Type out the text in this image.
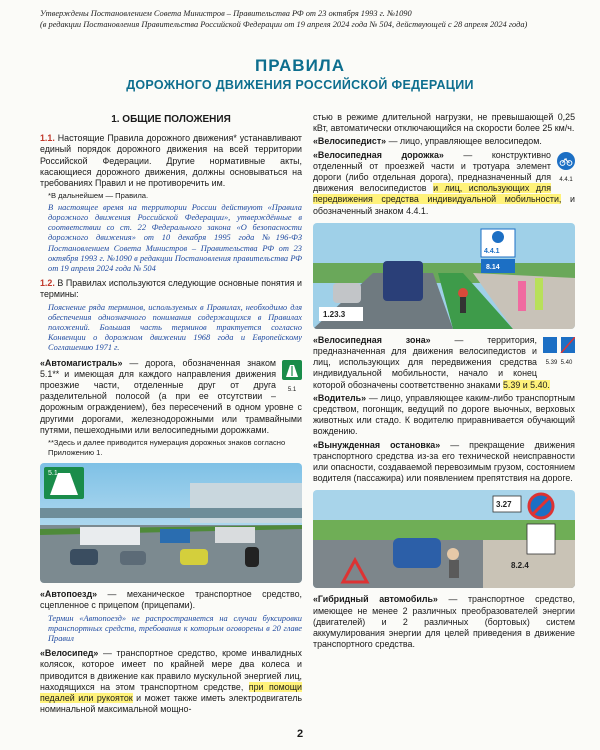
Утверждены Постановлением Совета Министров – Правительства РФ от 23 октября 1993 г. №1090
(в редакции Постановления Правительства Российской Федерации от 19 апреля 2024 года № 504, действующей с 28 апреля 2024 года)
ПРАВИЛА
ДОРОЖНОГО ДВИЖЕНИЯ РОССИЙСКОЙ ФЕДЕРАЦИИ
1. ОБЩИЕ ПОЛОЖЕНИЯ

1.1. Настоящие Правила дорожного движения* устанавливают единый порядок дорожного движения на всей территории Российской Федерации. Другие нормативные акты, касающиеся дорожного движения, должны основываться на требованиях Правил и не противоречить им.

*В дальнейшем — Правила.
В настоящее время на территории России действуют «Правила дорожного движения Российской Федерации», утверждённые в соответствии со ст. 22 Федерального закона «О безопасности дорожного движения» от 10 декабря 1995 года №196-ФЗ Постановлением Совета Министров – Правительства РФ от 23 октября 1993 г. №1090 в редакции Постановления правительства РФ от 19 апреля 2024 года № 504

1.2. В Правилах используются следующие основные понятия и термины:

Пояснение ряда терминов, используемых в Правилах, необходимо для обеспечения однозначного понимания содержащихся в Правилах положений. Большая часть терминов трактуется согласно Конвенции о дорожном движении 1968 года и Европейскому Соглашению 1971 г.

5.1
«Автомагистраль» — дорога, обозначенная знаком 5.1** и имеющая для каждого направления движения проезжие части, отделенные друг от друга разделительной полосой (а при ее отсутствии – дорожным ограждением), без пересечений в одном уровне с другими дорогами, железнодорожными или трамвайными путями, пешеходными или велосипедными дорожками.

**Здесь и далее приводится нумерация дорожных знаков согласно Приложению 1.
5.1

«Автопоезд» — механическое транспортное средство, сцепленное с прицепом (прицепами).

Термин «Автопоезд» не распространяется на случаи буксировки транспортных средств, требования к которым оговорены в 20 главе Правил

«Велосипед» — транспортное средство, кроме инвалидных колясок, которое имеет по крайней мере два колеса и приводится в движение как правило мускульной энергией лиц, находящихся на этом транспортном средстве, при помощи педалей или рукояток и может также иметь электродвигатель номинальной максимальной мощно-

стью в режиме длительной нагрузки, не превышающей 0,25 кВт, автоматически отключающийся на скорости более 25 км/ч.

«Велосипедист» — лицо, управляющее велосипедом.

4.4.1
«Велосипедная дорожка» — конструктивно отделенный от проезжей части и тротуара элемент дороги (либо отдельная дорога), предназначенный для движения велосипедистов и лиц, использующих для передвижения средства индивидуальной мобильности, и обозначенный знаком 4.4.1.

4.4.1
8.14
1.23.3

5.39 5.40
«Велосипедная зона» — территория, предназначенная для движения велосипедистов и лиц, использующих для передвижения средства индивидуальной мобильности, начало и конец которой обозначены соответственно знаками 5.39 и 5.40.

«Водитель» — лицо, управляющее каким-либо транспортным средством, погонщик, ведущий по дороге вьючных, верховых животных или стадо. К водителю приравнивается обучающий вождению.

«Вынужденная остановка» — прекращение движения транспортного средства из-за его технической неисправности или опасности, создаваемой перевозимым грузом, состоянием водителя (пассажира) или появлением препятствия на дороге.

3.27
8.2.4

«Гибридный автомобиль» — транспортное средство, имеющее не менее 2 различных преобразователей энергии (двигателей) и 2 различных (бортовых) систем аккумулирования энергии для целей приведения в движение транспортного средства.

2
